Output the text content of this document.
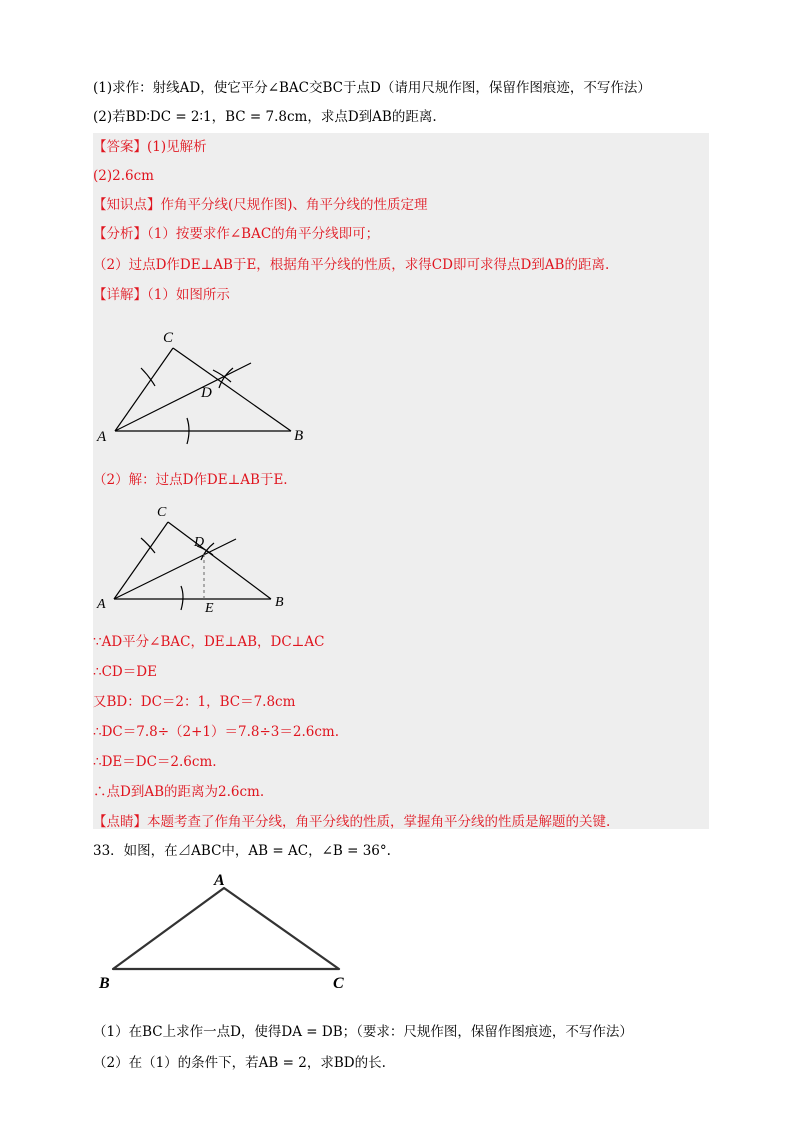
(1)求作：射线AD，使它平分∠BAC交BC于点D（请用尺规作图，保留作图痕迹，不写作法）
(2)若BD∶DC = 2∶1，BC = 7.8cm，求点D到AB的距离.
【答案】(1)见解析
(2)2.6cm
【知识点】作角平分线(尺规作图)、角平分线的性质定理
【分析】（1）按要求作∠BAC的角平分线即可；
（2）过点D作DE⊥AB于E，根据角平分线的性质，求得CD即可求得点D到AB的距离.
【详解】（1）如图所示
C
A	B
D
（2）解：过点D作DE⊥AB于E.
C
A	B
D
E
∵AD平分∠BAC，DE⊥AB，DC⊥AC
∴CD＝DE
又BD：DC＝2：1，BC＝7.8cm
∴DC＝7.8÷（2+1）＝7.8÷3＝2.6cm.
∴DE＝DC＝2.6cm.
∴点D到AB的距离为2.6cm.
【点睛】本题考查了作角平分线，角平分线的性质，掌握角平分线的性质是解题的关键.
33．如图，在⊿ABC中，AB = AC，∠B = 36°.
A
B	C
（1）在BC上求作一点D，使得DA = DB；（要求：尺规作图，保留作图痕迹，不写作法）
（2）在（1）的条件下，若AB = 2，求BD的长.
